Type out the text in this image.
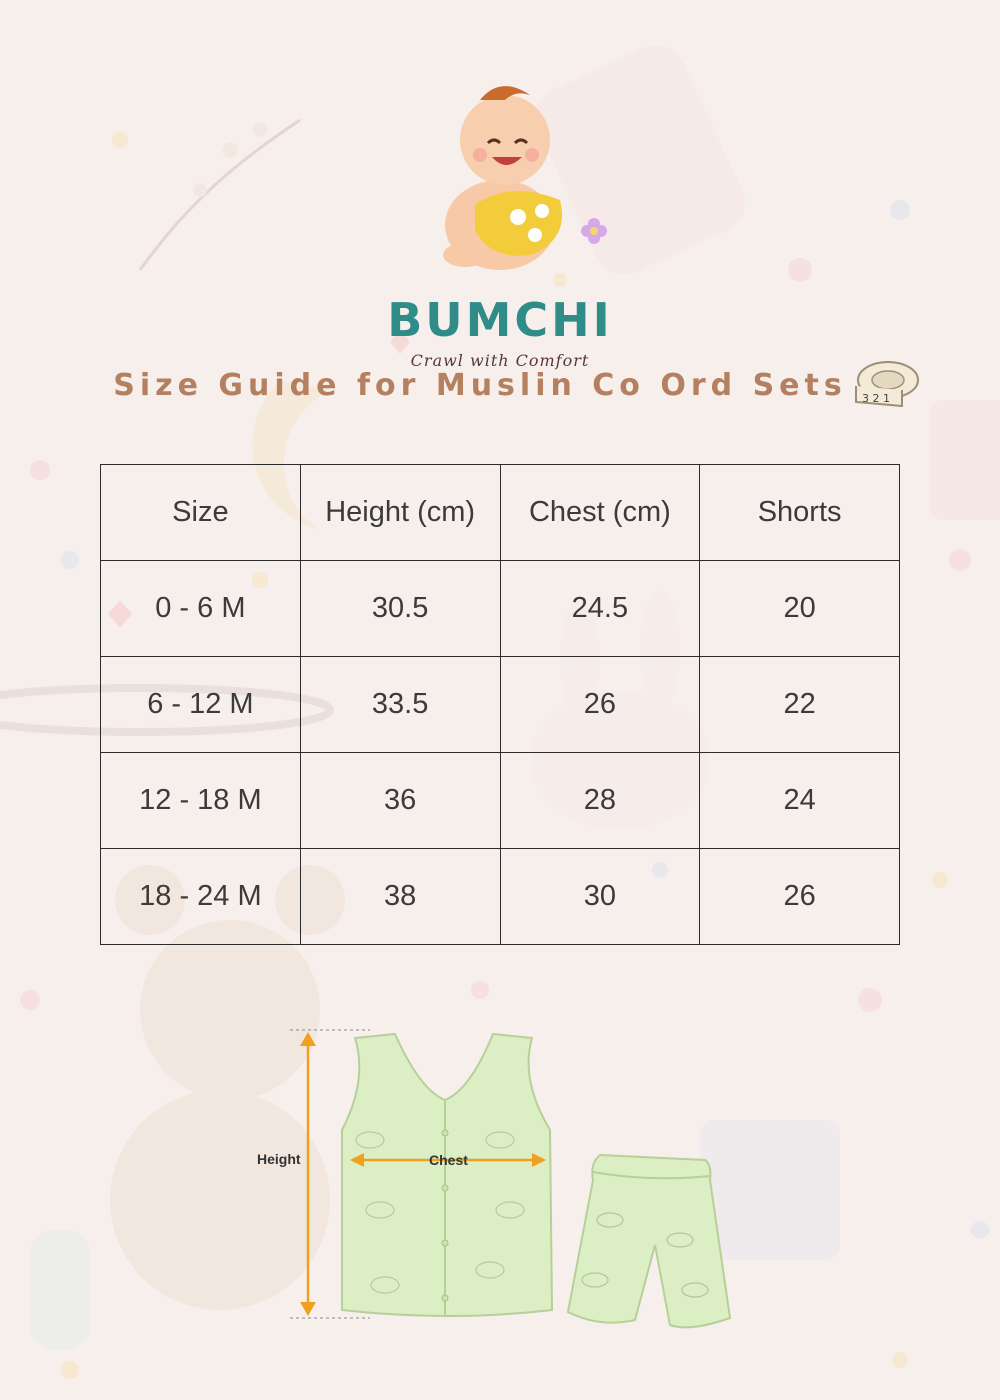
BUMCHI
Crawl with Comfort
Size Guide for Muslin Co Ord Sets	3 2 1
Size	Height (cm)	Chest (cm)	Shorts
0 - 6 M	30.5	24.5	20
6 - 12 M	33.5	26	22
12 - 18 M	36	28	24
18 - 24 M	38	30	26
Height	Chest
